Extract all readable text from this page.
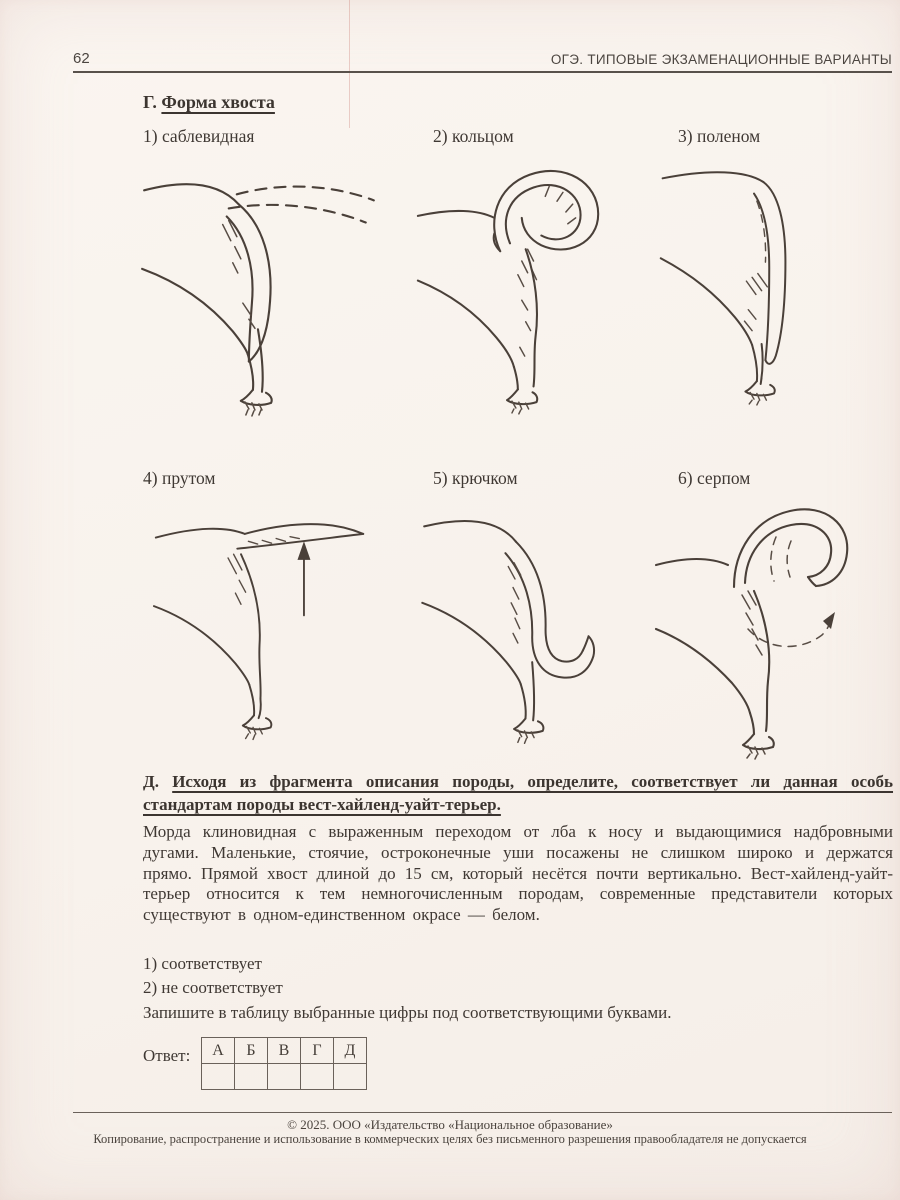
62	ОГЭ. ТИПОВЫЕ ЭКЗАМЕНАЦИОННЫЕ ВАРИАНТЫ
Г. Форма хвоста
1) саблевидная	2) кольцом	3) поленом
4) прутом	5) крючком	6) серпом
Д. Исходя из фрагмента описания породы, определите, соответствует ли данная особь стандартам породы вест-хайленд-уайт-терьер.
Морда клиновидная с выраженным переходом от лба к носу и выдающимися надбровными дугами. Маленькие, стоячие, остроконечные уши посажены не слишком широко и держатся прямо. Прямой хвост длиной до 15 см, который несётся почти вертикально. Вест-хайленд-уайт-терьер относится к тем немногочисленным породам, современные представители которых существуют в одном-единственном окрасе — белом.
1) соответствует
2) не соответствует
Запишите в таблицу выбранные цифры под соответствующими буквами.
Ответ: А	Б	В	Г	Д

© 2025. ООО «Издательство «Национальное образование»
Копирование, распространение и использование в коммерческих целях без письменного разрешения правообладателя не допускается
